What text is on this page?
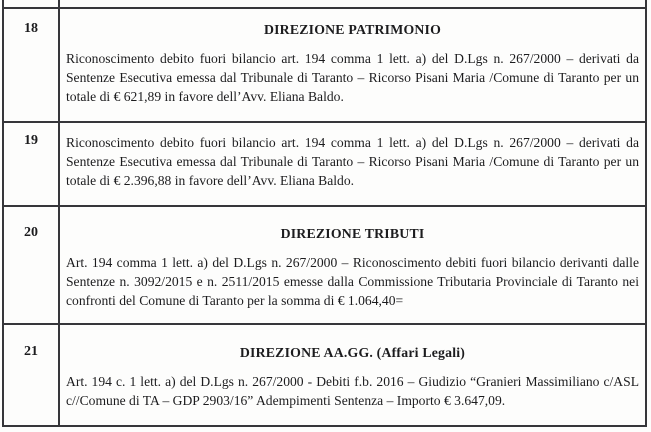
18	DIREZIONE PATRIMONIO

Riconoscimento debito fuori bilancio art. 194 comma 1 lett. a) del D.Lgs n. 267/2000 – derivati da Sentenze Esecutiva emessa dal Tribunale di Taranto – Ricorso Pisani Maria /Comune di Taranto per un totale di € 621,89 in favore dell’Avv. Eliana Baldo.

19	Riconoscimento debito fuori bilancio art. 194 comma 1 lett. a) del D.Lgs n. 267/2000 – derivati da Sentenze Esecutiva emessa dal Tribunale di Taranto – Ricorso Pisani Maria /Comune di Taranto per un totale di € 2.396,88 in favore dell’Avv. Eliana Baldo.

20	DIREZIONE TRIBUTI

Art. 194 comma 1 lett. a) del D.Lgs n. 267/2000 – Riconoscimento debiti fuori bilancio derivanti dalle Sentenze n. 3092/2015 e n. 2511/2015 emesse dalla Commissione Tributaria Provinciale di Taranto nei confronti del Comune di Taranto per la somma di € 1.064,40=

21	DIREZIONE AA.GG. (Affari Legali)

Art. 194 c. 1 lett. a) del D.Lgs n. 267/2000 - Debiti f.b. 2016 – Giudizio “Granieri Massimiliano c/ASL c//Comune di TA – GDP 2903/16” Adempimenti Sentenza – Importo € 3.647,09.
